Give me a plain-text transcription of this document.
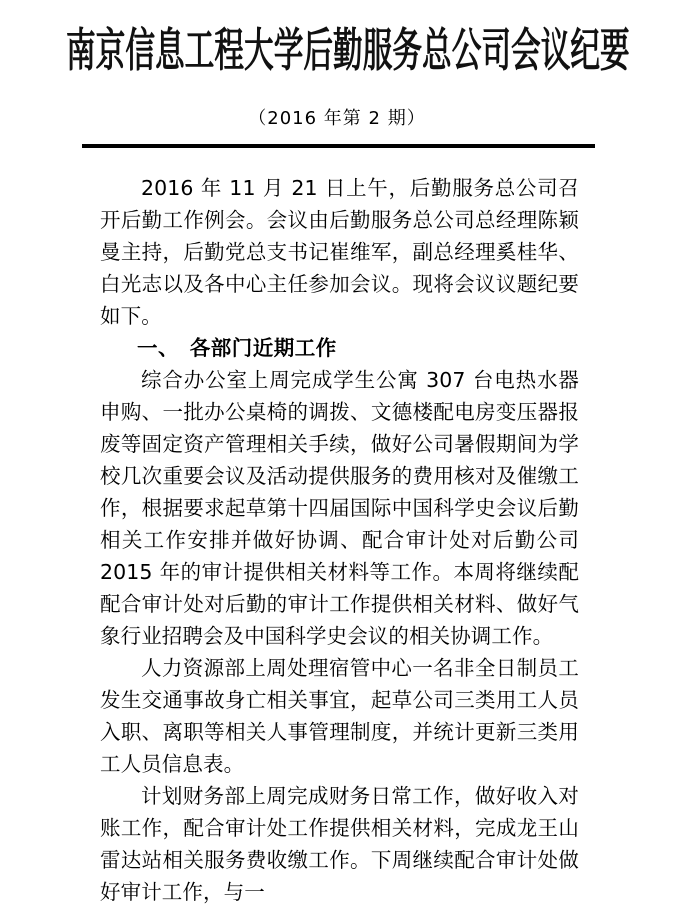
南京信息工程大学后勤服务总公司会议纪要
（2016 年第 2 期）

2016 年 11 月 21 日上午，后勤服务总公司召开后勤工作例会。会议由后勤服务总公司总经理陈颖曼主持，后勤党总支书记崔维军，副总经理奚桂华、白光志以及各中心主任参加会议。现将会议议题纪要如下。

一、　各部门近期工作

综合办公室上周完成学生公寓 307 台电热水器申购、一批办公桌椅的调拨、文德楼配电房变压器报废等固定资产管理相关手续，做好公司暑假期间为学校几次重要会议及活动提供服务的费用核对及催缴工作，根据要求起草第十四届国际中国科学史会议后勤相关工作安排并做好协调、配合审计处对后勤公司 2015 年的审计提供相关材料等工作。本周将继续配配合审计处对后勤的审计工作提供相关材料、做好气象行业招聘会及中国科学史会议的相关协调工作。

人力资源部上周处理宿管中心一名非全日制员工发生交通事故身亡相关事宜，起草公司三类用工人员入职、离职等相关人事管理制度，并统计更新三类用工人员信息表。

计划财务部上周完成财务日常工作，做好收入对账工作，配合审计处工作提供相关材料，完成龙王山雷达站相关服务费收缴工作。下周继续配合审计处做好审计工作，与一
